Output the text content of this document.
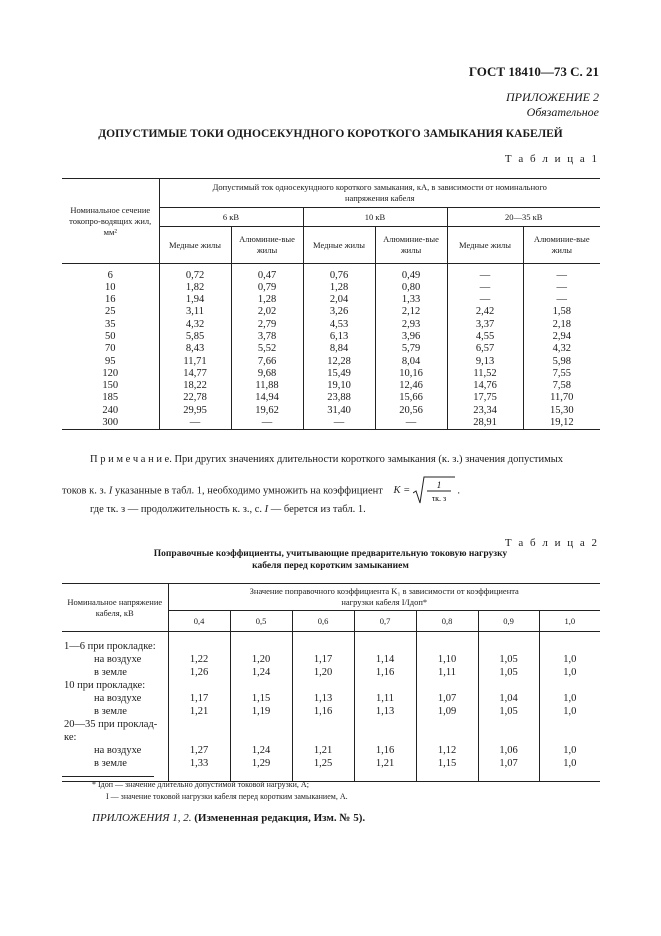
ГОСТ 18410—73 С. 21
ПРИЛОЖЕНИЕ 2
Обязательное
ДОПУСТИМЫЕ ТОКИ ОДНОСЕКУНДНОГО КОРОТКОГО ЗАМЫКАНИЯ КАБЕЛЕЙ
Т а б л и ц а 1
Номинальное сечение токопро-водящих жил, мм²	Допустимый ток односекундного короткого замыкания, кА, в зависимости от номинального напряжения кабеля					
	6 кВ		10 кВ		20—35 кВ	
	Медные жилы	Алюминие-вые жилы	Медные жилы	Алюминие-вые жилы	Медные жилы	Алюминие-вые жилы

6	0,72	0,47	0,76	0,49	—	—
10	1,82	0,79	1,28	0,80	—	—
16	1,94	1,28	2,04	1,33	—	—
25	3,11	2,02	3,26	2,12	2,42	1,58
35	4,32	2,79	4,53	2,93	3,37	2,18
50	5,85	3,78	6,13	3,96	4,55	2,94
70	8,43	5,52	8,84	5,79	6,57	4,32
95	11,71	7,66	12,28	8,04	9,13	5,98
120	14,77	9,68	15,49	10,16	11,52	7,55
150	18,22	11,88	19,10	12,46	14,76	7,58
185	22,78	14,94	23,88	15,66	17,75	11,70
240	29,95	19,62	31,40	20,56	23,34	15,30
300	—	—	—	—	28,91	19,12
П р и м е ч а н и е. При других значениях длительности короткого замыкания (к. з.) значения допустимых
токов к. з. I указанные в табл. 1, необходимо умножить на коэффициент K =
1
τк. з
.
где τк. з — продолжительность к. з., с. I — берется из табл. 1.
Т а б л и ц а 2
Поправочные коэффициенты, учитывающие предварительную токовую нагрузку
кабеля перед коротким замыканием
Номинальное напряжение кабеля, кВ	Значение поправочного коэффициента K₁ в зависимости от коэффициента
нагрузки кабеля I/Iдоп*						

	0,4	0,5	0,6	0,7	0,8	0,9	1,0

1—6 при прокладке:							
на воздухе	1,22	1,20	1,17	1,14	1,10	1,05	1,0
в земле	1,26	1,24	1,20	1,16	1,11	1,05	1,0
10 при прокладке:							
на воздухе	1,17	1,15	1,13	1,11	1,07	1,04	1,0
в земле	1,21	1,19	1,16	1,13	1,09	1,05	1,0
20—35 при проклад-							
ке:							
на воздухе	1,27	1,24	1,21	1,16	1,12	1,06	1,0
в земле	1,33	1,29	1,25	1,21	1,15	1,07	1,0

* Iдоп — значение длительно допустимой токовой нагрузки, А;
I — значение токовой нагрузки кабеля перед коротким замыканием, А.
ПРИЛОЖЕНИЯ 1, 2. (Измененная редакция, Изм. № 5).
